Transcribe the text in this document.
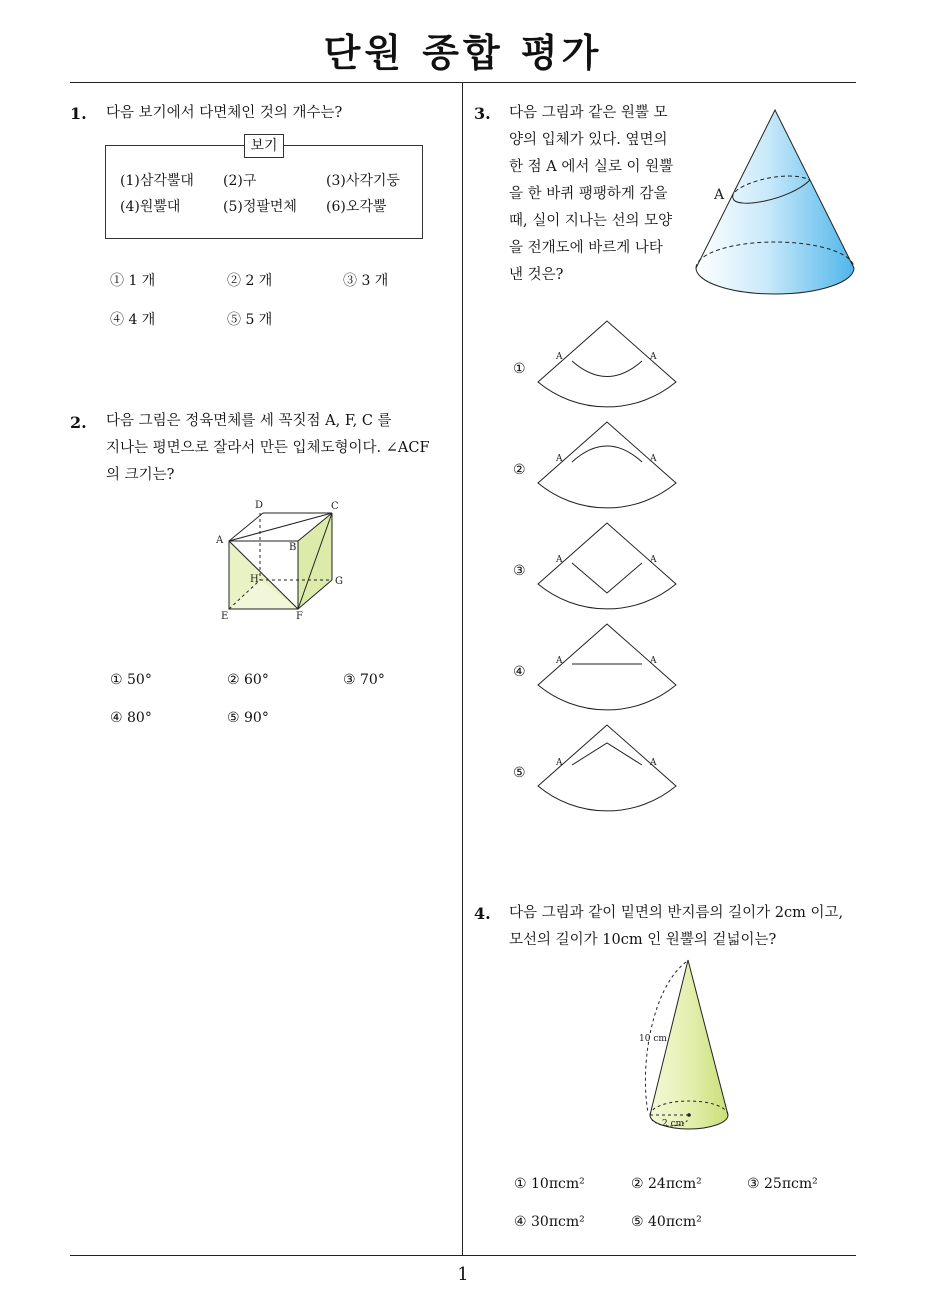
단원 종합 평가
1
1. 다음 보기에서 다면체인 것의 개수는?
보기
(1)삼각뿔대 (2)구	(3)사각기둥
(4)원뿔대	(5)정팔면체 (6)오각뿔
① 1 개	② 2 개	③ 3 개
④ 4 개	⑤ 5 개
2. 다음 그림은 정육면체를 세 꼭짓점 A, F, C 를
지나는 평면으로 잘라서 만든 입체도형이다. ∠ACF
의 크기는?
D	C
A
B
H	G
E	F
① 50°	② 60°	③ 70°
④ 80°	⑤ 90°
3. 다음 그림과 같은 원뿔 모
양의 입체가 있다. 옆면의
한 점 A 에서 실로 이 원뿔
을 한 바퀴 팽팽하게 감을
때, 실이 지나는 선의 모양
을 전개도에 바르게 나타
낸 것은?
A
A	A
A	A
A	A
A	A
A	A
①
②
③
④
⑤
4. 다음 그림과 같이 밑면의 반지름의 길이가 2cm 이고,
모선의 길이가 10cm 인 원뿔의 겉넓이는?
10 cm
2 cm
① 10πcm²	② 24πcm²	③ 25πcm²
④ 30πcm²	⑤ 40πcm²
